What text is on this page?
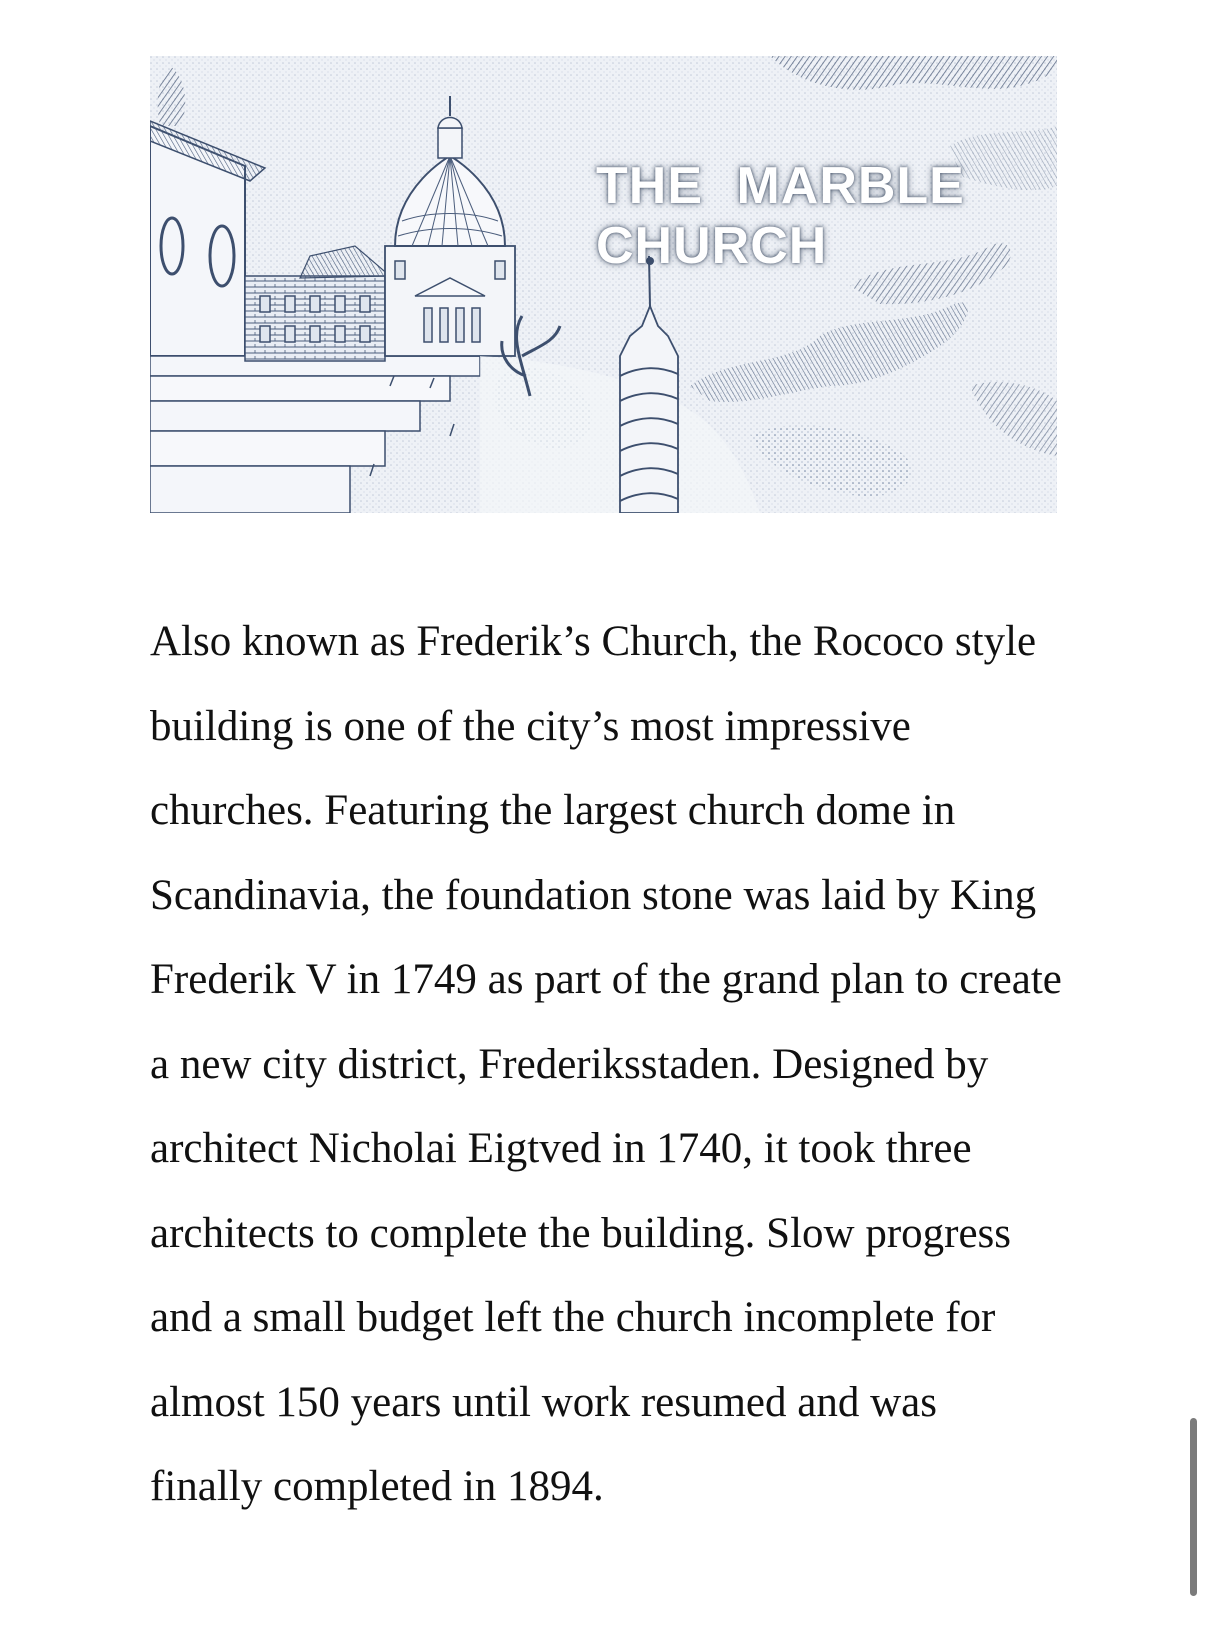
THE MARBLE CHURCH

Also known as Frederik’s Church, the Rococo style building is one of the city’s most impressive churches. Featuring the largest church dome in Scandinavia, the foundation stone was laid by King Frederik V in 1749 as part of the grand plan to create a new city district, Frederiksstaden. Designed by architect Nicholai Eigtved in 1740, it took three architects to complete the building. Slow progress and a small budget left the church incomplete for almost 150 years until work resumed and was

finally completed in 1894.
